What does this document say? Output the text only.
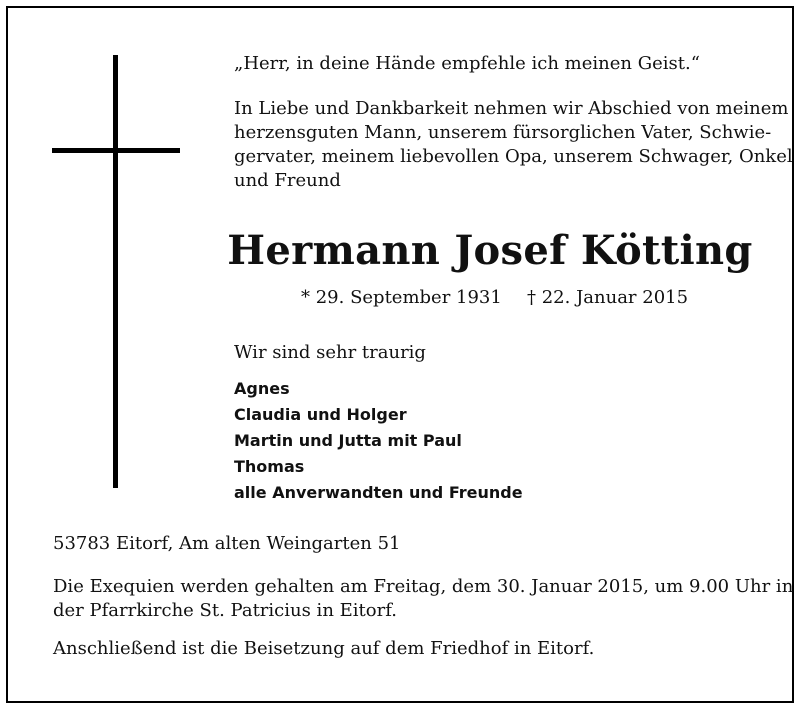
„Herr, in deine Hände empfehle ich meinen Geist.“
In Liebe und Dankbarkeit nehmen wir Abschied von meinem
herzensguten Mann, unserem fürsorglichen Vater, Schwie-
gervater, meinem liebevollen Opa, unserem Schwager, Onkel
und Freund
Hermann Josef Kötting
* 29. September 1931 † 22. Januar 2015
Wir sind sehr traurig
Agnes
Claudia und Holger
Martin und Jutta mit Paul
Thomas
alle Anverwandten und Freunde
53783 Eitorf, Am alten Weingarten 51
Die Exequien werden gehalten am Freitag, dem 30. Januar 2015, um 9.00 Uhr in
der Pfarrkirche St. Patricius in Eitorf.
Anschließend ist die Beisetzung auf dem Friedhof in Eitorf.
